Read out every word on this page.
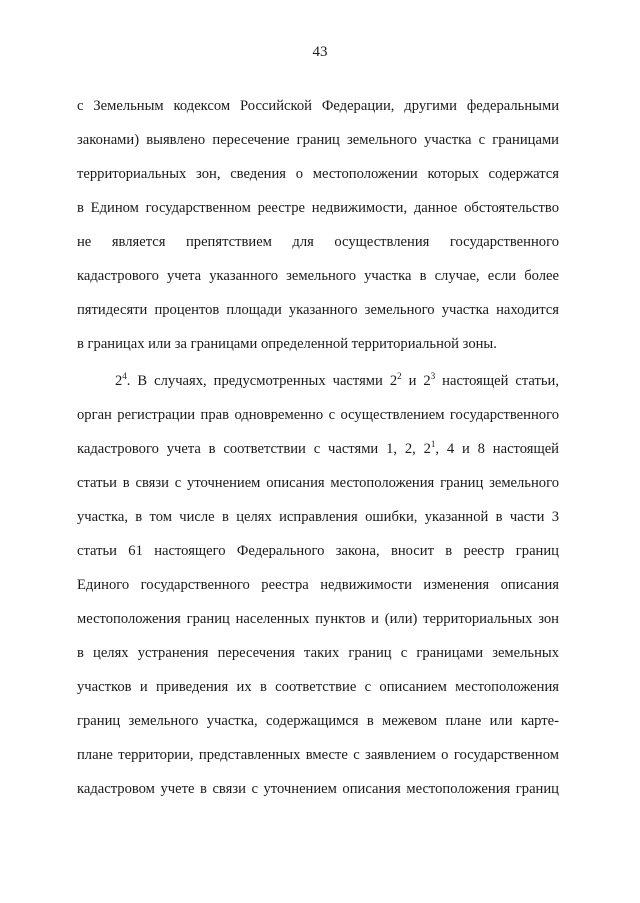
43
с Земельным кодексом Российской Федерации, другими федеральными
законами) выявлено пересечение границ земельного участка с границами
территориальных зон, сведения о местоположении которых содержатся
в Едином государственном реестре недвижимости, данное обстоятельство
не является препятствием для осуществления государственного
кадастрового учета указанного земельного участка в случае, если более
пятидесяти процентов площади указанного земельного участка находится
в границах или за границами определенной территориальной зоны.
$2^4$. В случаях, предусмотренных частями $2^2$ и $2^3$ настоящей статьи,
орган регистрации прав одновременно с осуществлением государственного
кадастрового учета в соответствии с частями 1, 2, $2^1$, 4 и 8 настоящей
статьи в связи с уточнением описания местоположения границ земельного
участка, в том числе в целях исправления ошибки, указанной в части 3
статьи 61 настоящего Федерального закона, вносит в реестр границ
Единого государственного реестра недвижимости изменения описания
местоположения границ населенных пунктов и (или) территориальных зон
в целях устранения пересечения таких границ с границами земельных
участков и приведения их в соответствие с описанием местоположения
границ земельного участка, содержащимся в межевом плане или карте-
плане территории, представленных вместе с заявлением о государственном
кадастровом учете в связи с уточнением описания местоположения границ
